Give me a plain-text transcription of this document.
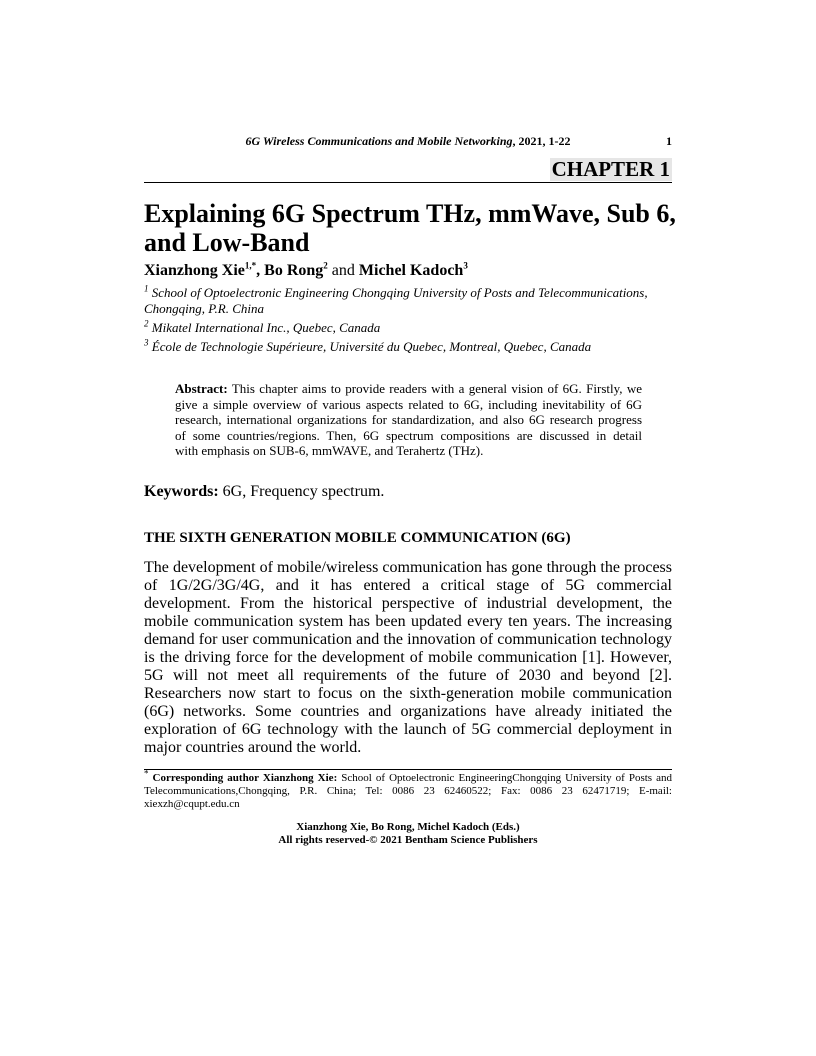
6G Wireless Communications and Mobile Networking, 2021, 1-22	1
CHAPTER 1
Explaining 6G Spectrum THz, mmWave, Sub 6,
and Low-Band
Xianzhong Xie$^{1,*}$, Bo Rong$^2$ and Michel Kadoch$^3$
$^1$ School of Optoelectronic Engineering Chongqing University of Posts and Telecommunications,
Chongqing, P.R. China
$^2$ Mikatel International Inc., Quebec, Canada
$^3$ École de Technologie Supérieure, Université du Quebec, Montreal, Quebec, Canada
Abstract: This chapter aims to provide readers with a general vision of 6G. Firstly, we
give a simple overview of various aspects related to 6G, including inevitability of 6G
research, international organizations for standardization, and also 6G research progress
of some countries/regions. Then, 6G spectrum compositions are discussed in detail
with emphasis on SUB-6, mmWAVE, and Terahertz (THz).
Keywords: 6G, Frequency spectrum.
THE SIXTH GENERATION MOBILE COMMUNICATION (6G)
The development of mobile/wireless communication has gone through the process
of 1G/2G/3G/4G, and it has entered a critical stage of 5G commercial
development. From the historical perspective of industrial development, the
mobile communication system has been updated every ten years. The increasing
demand for user communication and the innovation of communication technology
is the driving force for the development of mobile communication [1]. However,
5G will not meet all requirements of the future of 2030 and beyond [2].
Researchers now start to focus on the sixth-generation mobile communication
(6G) networks. Some countries and organizations have already initiated the
exploration of 6G technology with the launch of 5G commercial deployment in
major countries around the world.
* Corresponding author Xianzhong Xie: School of Optoelectronic EngineeringChongqing University of Posts and
Telecommunications,Chongqing, P.R. China; Tel: 0086 23 62460522; Fax: 0086 23 62471719; E-mail:
xiexzh@cqupt.edu.cn
Xianzhong Xie, Bo Rong, Michel Kadoch (Eds.)
All rights reserved-© 2021 Bentham Science Publishers
